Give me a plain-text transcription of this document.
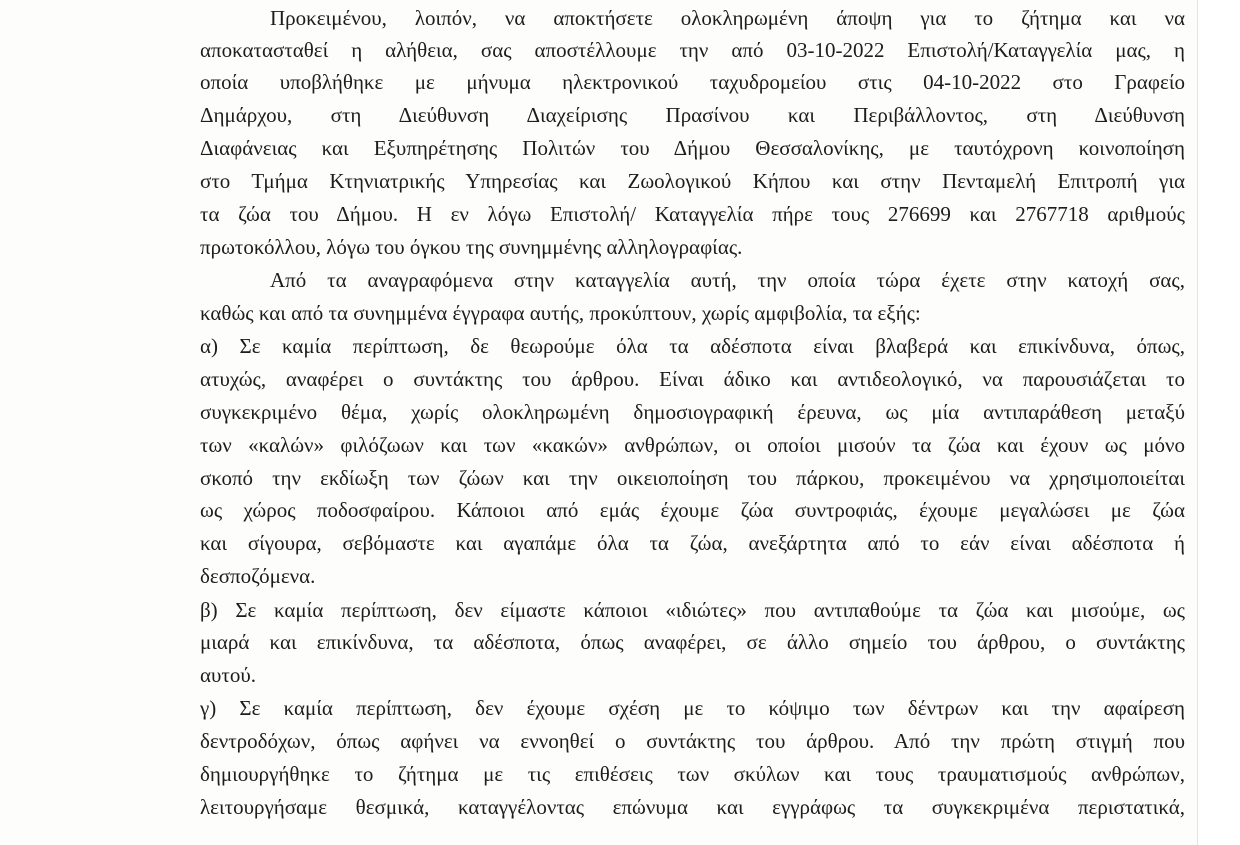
Προκειμένου, λοιπόν, να αποκτήσετε ολοκληρωμένη άποψη για το ζήτημα και να
αποκατασταθεί η αλήθεια, σας αποστέλλουμε την από 03-10-2022 Επιστολή/Καταγγελία μας, η
οποία υποβλήθηκε με μήνυμα ηλεκτρονικού ταχυδρομείου στις 04-10-2022 στο Γραφείο
Δημάρχου, στη Διεύθυνση Διαχείρισης Πρασίνου και Περιβάλλοντος, στη Διεύθυνση
Διαφάνειας και Εξυπηρέτησης Πολιτών του Δήμου Θεσσαλονίκης, με ταυτόχρονη κοινοποίηση
στο Τμήμα Κτηνιατρικής Υπηρεσίας και Ζωολογικού Κήπου και στην Πενταμελή Επιτροπή για
τα ζώα του Δήμου. Η εν λόγω Επιστολή/ Καταγγελία πήρε τους 276699 και 2767718 αριθμούς
πρωτοκόλλου, λόγω του όγκου της συνημμένης αλληλογραφίας.
Από τα αναγραφόμενα στην καταγγελία αυτή, την οποία τώρα έχετε στην κατοχή σας,
καθώς και από τα συνημμένα έγγραφα αυτής, προκύπτουν, χωρίς αμφιβολία, τα εξής:
α) Σε καμία περίπτωση, δε θεωρούμε όλα τα αδέσποτα είναι βλαβερά και επικίνδυνα, όπως,
ατυχώς, αναφέρει ο συντάκτης του άρθρου. Είναι άδικο και αντιδεολογικό, να παρουσιάζεται το
συγκεκριμένο θέμα, χωρίς ολοκληρωμένη δημοσιογραφική έρευνα, ως μία αντιπαράθεση μεταξύ
των «καλών» φιλόζωων και των «κακών» ανθρώπων, οι οποίοι μισούν τα ζώα και έχουν ως μόνο
σκοπό την εκδίωξη των ζώων και την οικειοποίηση του πάρκου, προκειμένου να χρησιμοποιείται
ως χώρος ποδοσφαίρου. Κάποιοι από εμάς έχουμε ζώα συντροφιάς, έχουμε μεγαλώσει με ζώα
και σίγουρα, σεβόμαστε και αγαπάμε όλα τα ζώα, ανεξάρτητα από το εάν είναι αδέσποτα ή
δεσποζόμενα.
β) Σε καμία περίπτωση, δεν είμαστε κάποιοι «ιδιώτες» που αντιπαθούμε τα ζώα και μισούμε, ως
μιαρά και επικίνδυνα, τα αδέσποτα, όπως αναφέρει, σε άλλο σημείο του άρθρου, ο συντάκτης
αυτού.
γ) Σε καμία περίπτωση, δεν έχουμε σχέση με το κόψιμο των δέντρων και την αφαίρεση
δεντροδόχων, όπως αφήνει να εννοηθεί ο συντάκτης του άρθρου. Από την πρώτη στιγμή που
δημιουργήθηκε το ζήτημα με τις επιθέσεις των σκύλων και τους τραυματισμούς ανθρώπων,
λειτουργήσαμε θεσμικά, καταγγέλοντας επώνυμα και εγγράφως τα συγκεκριμένα περιστατικά,
